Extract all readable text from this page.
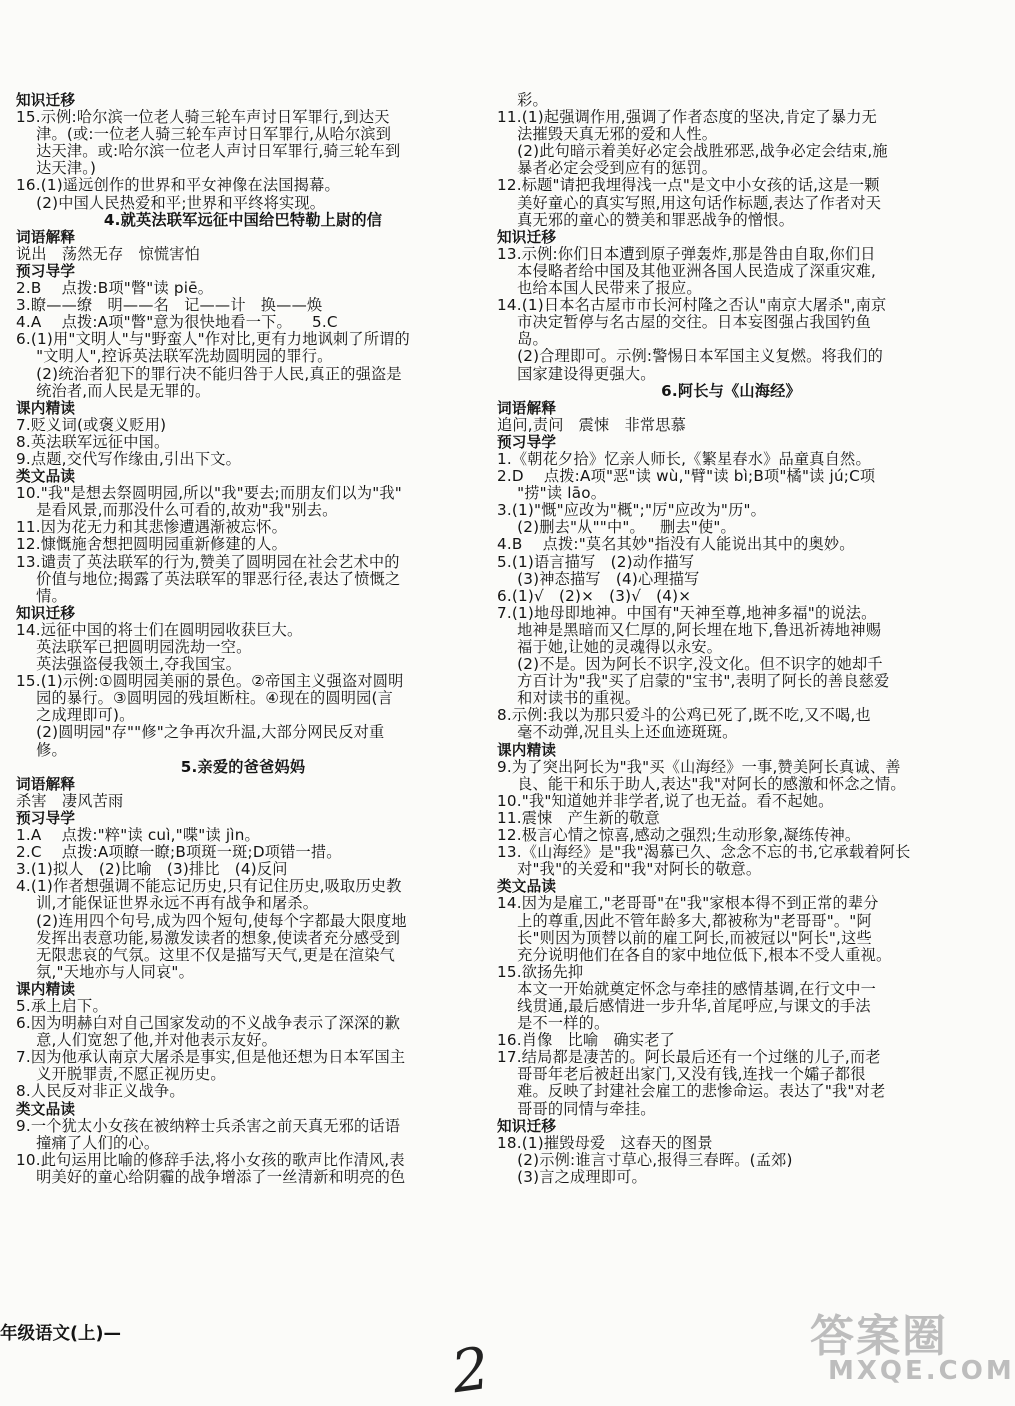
知识迁移
15.示例:哈尔滨一位老人骑三轮车声讨日军罪行,到达天
津。(或:一位老人骑三轮车声讨日军罪行,从哈尔滨到
达天津。或:哈尔滨一位老人声讨日军罪行,骑三轮车到
达天津。)
16.(1)遥远创作的世界和平女神像在法国揭幕。
(2)中国人民热爱和平;世界和平终将实现。
4.就英法联军远征中国给巴特勒上尉的信
词语解释
说出   荡然无存   惊慌害怕
预习导学
2.B    点拨:B项"瞥"读 piē。
3.瞭——缭   明——名   记——计   换——焕
4.A    点拨:A项"瞥"意为很快地看一下。    5.C
6.(1)用"文明人"与"野蛮人"作对比,更有力地讽刺了所谓的
"文明人",控诉英法联军洗劫圆明园的罪行。
(2)统治者犯下的罪行决不能归咎于人民,真正的强盗是
统治者,而人民是无罪的。
课内精读
7.贬义词(或褒义贬用)
8.英法联军远征中国。
9.点题,交代写作缘由,引出下文。
类文品读
10."我"是想去祭圆明园,所以"我"要去;而朋友们以为"我"
是看风景,而那没什么可看的,故劝"我"别去。
11.因为花无力和其悲惨遭遇渐被忘怀。
12.慷慨施舍想把圆明园重新修建的人。
13.谴责了英法联军的行为,赞美了圆明园在社会艺术中的
价值与地位;揭露了英法联军的罪恶行径,表达了愤慨之
情。
知识迁移
14.远征中国的将士们在圆明园收获巨大。
英法联军已把圆明园洗劫一空。
英法强盗侵我领土,夺我国宝。
15.(1)示例:①圆明园美丽的景色。②帝国主义强盗对圆明
园的暴行。③圆明园的残垣断柱。④现在的圆明园(言
之成理即可)。
(2)圆明园"存""修"之争再次升温,大部分网民反对重
修。
5.亲爱的爸爸妈妈
词语解释
杀害   凄风苦雨
预习导学
1.A    点拨:"粹"读 cuì,"喋"读 jìn。
2.C    点拨:A项瞭一瞭;B项斑一斑;D项错一措。
3.(1)拟人   (2)比喻   (3)排比   (4)反问
4.(1)作者想强调不能忘记历史,只有记住历史,吸取历史教
训,才能保证世界永远不再有战争和屠杀。
(2)连用四个句号,成为四个短句,使每个字都最大限度地
发挥出表意功能,易激发读者的想象,使读者充分感受到
无限悲哀的气氛。这里不仅是描写天气,更是在渲染气
氛,"天地亦与人同哀"。
课内精读
5.承上启下。
6.因为明赫白对自己国家发动的不义战争表示了深深的歉
意,人们宽恕了他,并对他表示友好。
7.因为他承认南京大屠杀是事实,但是他还想为日本军国主
义开脱罪责,不愿正视历史。
8.人民反对非正义战争。
类文品读
9.一个犹太小女孩在被纳粹士兵杀害之前天真无邪的话语
撞痛了人们的心。
10.此句运用比喻的修辞手法,将小女孩的歌声比作清风,表
明美好的童心给阴霾的战争增添了一丝清新和明亮的色
彩。
11.(1)起强调作用,强调了作者态度的坚决,肯定了暴力无
法摧毁天真无邪的爱和人性。
(2)此句暗示着美好必定会战胜邪恶,战争必定会结束,施
暴者必定会受到应有的惩罚。
12.标题"请把我埋得浅一点"是文中小女孩的话,这是一颗
美好童心的真实写照,用这句话作标题,表达了作者对天
真无邪的童心的赞美和罪恶战争的憎恨。
知识迁移
13.示例:你们日本遭到原子弹轰炸,那是咎由自取,你们日
本侵略者给中国及其他亚洲各国人民造成了深重灾难,
也给本国人民带来了报应。
14.(1)日本名古屋市市长河村隆之否认"南京大屠杀",南京
市决定暂停与名古屋的交往。日本妄图强占我国钓鱼
岛。
(2)合理即可。示例:警惕日本军国主义复燃。将我们的
国家建设得更强大。
6.阿长与《山海经》
词语解释
追问,责问   震悚   非常思慕
预习导学
1.《朝花夕拾》忆亲人师长,《繁星春水》品童真自然。
2.D    点拨:A项"恶"读 wù,"臂"读 bì;B项"橘"读 jú;C项
"捞"读 lāo。
3.(1)"慨"应改为"概";"厉"应改为"历"。
(2)删去"从""中"。   删去"使"。
4.B    点拨:"莫名其妙"指没有人能说出其中的奥妙。
5.(1)语言描写   (2)动作描写
(3)神态描写   (4)心理描写
6.(1)√   (2)×   (3)√   (4)×
7.(1)地母即地神。中国有"天神至尊,地神多福"的说法。
地神是黑暗而又仁厚的,阿长埋在地下,鲁迅祈祷地神赐
福于她,让她的灵魂得以永安。
(2)不是。因为阿长不识字,没文化。但不识字的她却千
方百计为"我"买了启蒙的"宝书",表明了阿长的善良慈爱
和对读书的重视。
8.示例:我以为那只爱斗的公鸡已死了,既不吃,又不喝,也
毫不动弹,况且头上还血迹斑斑。
课内精读
9.为了突出阿长为"我"买《山海经》一事,赞美阿长真诚、善
良、能干和乐于助人,表达"我"对阿长的感激和怀念之情。
10."我"知道她并非学者,说了也无益。看不起她。
11.震悚   产生新的敬意
12.极言心情之惊喜,感动之强烈;生动形象,凝练传神。
13.《山海经》是"我"渴慕已久、念念不忘的书,它承载着阿长
对"我"的关爱和"我"对阿长的敬意。
类文品读
14.因为是雇工,"老哥哥"在"我"家根本得不到正常的辈分
上的尊重,因此不管年龄多大,都被称为"老哥哥"。"阿
长"则因为顶替以前的雇工阿长,而被冠以"阿长",这些
充分说明他们在各自的家中地位低下,根本不受人重视。
15.欲扬先抑
本文一开始就奠定怀念与牵挂的感情基调,在行文中一
线贯通,最后感情进一步升华,首尾呼应,与课文的手法
是不一样的。
16.肖像   比喻   确实老了
17.结局都是凄苦的。阿长最后还有一个过继的儿子,而老
哥哥年老后被赶出家门,又没有钱,连找一个孀子都很
难。反映了封建社会雇工的悲惨命运。表达了"我"对老
哥哥的同情与牵挂。
知识迁移
18.(1)摧毁母爱   这春天的图景
(2)示例:谁言寸草心,报得三春晖。(孟郊)
(3)言之成理即可。
年级语文(上)—	2	答案圈
MXQE.COM
